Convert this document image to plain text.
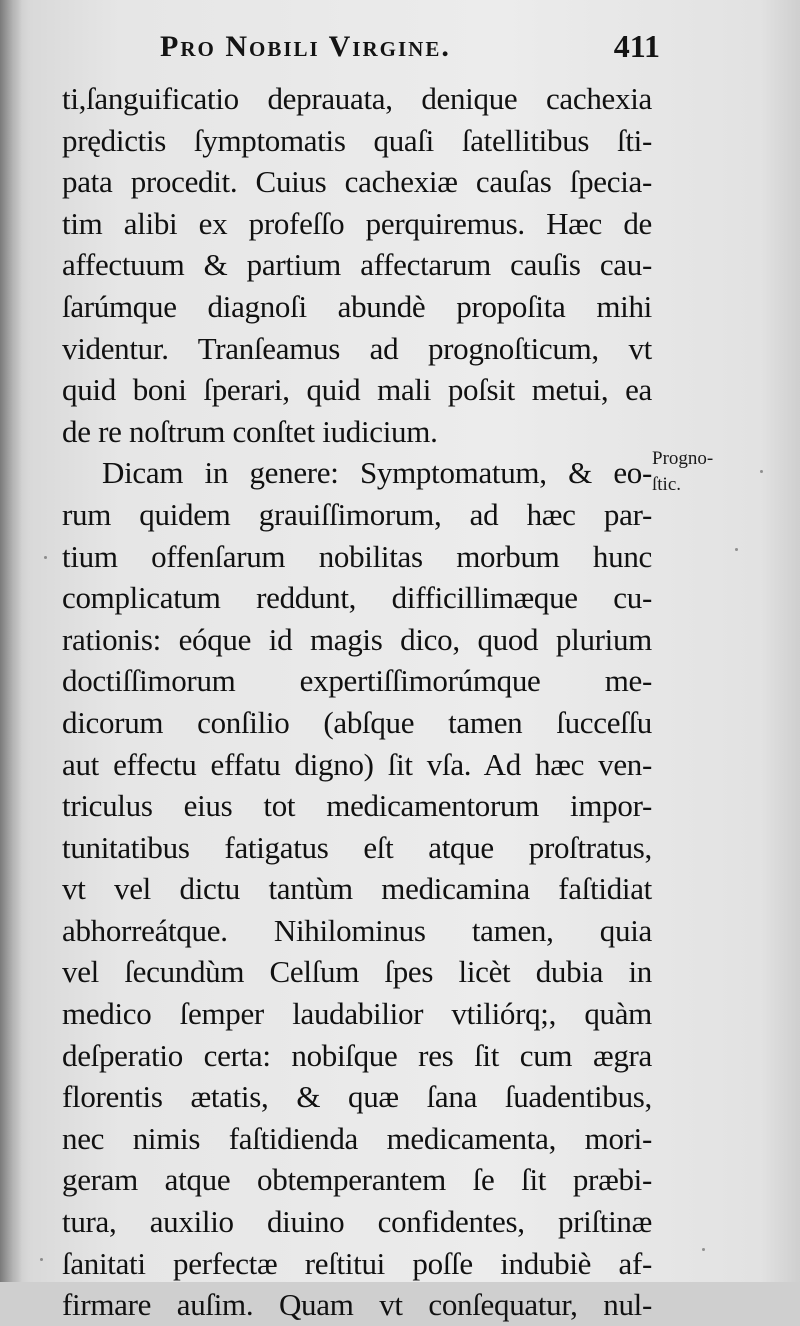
Pro Nobili Virgine.	411
ti,ſanguificatio deprauata, denique cachexia
prędictis ſymptomatis quaſi ſatellitibus ſti-
pata procedit. Cuius cachexiæ cauſas ſpecia-
tim alibi ex profeſſo perquiremus. Hæc de
affectuum & partium affectarum cauſis cau-
ſarúmque diagnoſi abundè propoſita mihi
videntur. Tranſeamus ad prognoſticum, vt
quid boni ſperari, quid mali poſsit metui, ea
de re noſtrum conſtet iudicium.
Dicam in genere: Symptomatum, & eo-
rum quidem grauiſſimorum, ad hæc par-
tium offenſarum nobilitas morbum hunc
complicatum reddunt, difficillimæque cu-
rationis: eóque id magis dico, quod plurium
doctiſſimorum expertiſſimorúmque me-
dicorum conſilio (abſque tamen ſucceſſu
aut effectu effatu digno) ſit vſa. Ad hæc ven-
triculus eius tot medicamentorum impor-
tunitatibus fatigatus eſt atque proſtratus,
vt vel dictu tantùm medicamina faſtidiat
abhorreátque. Nihilominus tamen, quia
vel ſecundùm Celſum ſpes licèt dubia in
medico ſemper laudabilior vtiliórq;, quàm
deſperatio certa: nobiſque res ſit cum ægra
florentis ætatis, & quæ ſana ſuadentibus,
nec nimis faſtidienda medicamenta, mori-
geram atque obtemperantem ſe ſit præbi-
tura, auxilio diuino confidentes, priſtinæ
ſanitati perfectæ reſtitui poſſe indubiè af-
firmare auſim. Quam vt conſequatur, nul-
Progno-
ſtic.
